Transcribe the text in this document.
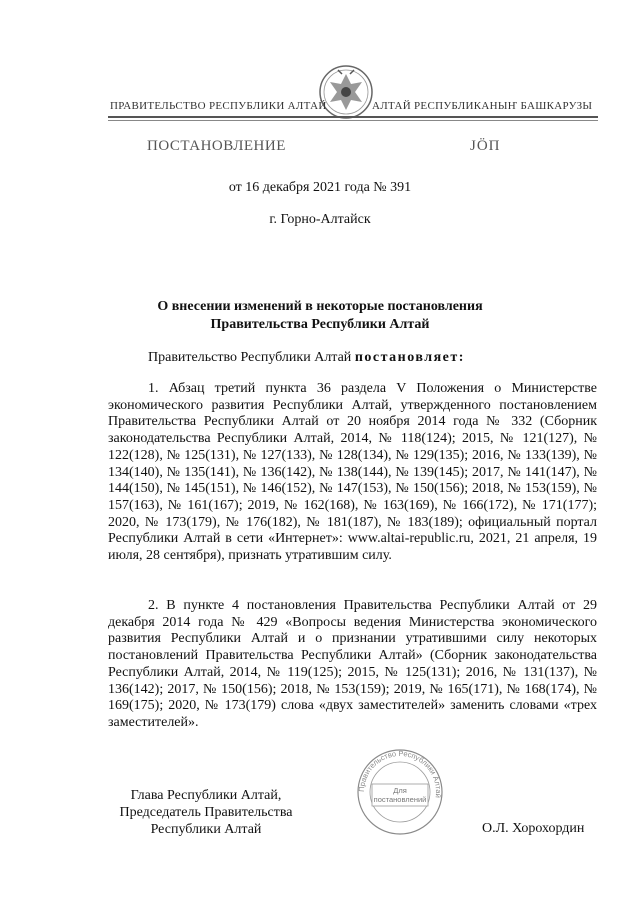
ПРАВИТЕЛЬСТВО РЕСПУБЛИКИ АЛТАЙ	АЛТАЙ РЕСПУБЛИКАНЫҤ БАШКАРУЗЫ
ПОСТАНОВЛЕНИЕ	ЈӦП
от 16 декабря 2021 года № 391
г. Горно-Алтайск
О внесении изменений в некоторые постановления
Правительства Республики Алтай
Правительство Республики Алтай постановляет:

1. Абзац третий пункта 36 раздела V Положения о Министерстве экономического развития Республики Алтай, утвержденного постановлением Правительства Республики Алтай от 20 ноября 2014 года № 332 (Сборник законодательства Республики Алтай, 2014, № 118(124); 2015, № 121(127), № 122(128), № 125(131), № 127(133), № 128(134), № 129(135); 2016, № 133(139), № 134(140), № 135(141), № 136(142), № 138(144), № 139(145); 2017, № 141(147), № 144(150), № 145(151), № 146(152), № 147(153), № 150(156); 2018, № 153(159), № 157(163), № 161(167); 2019, № 162(168), № 163(169), № 166(172), № 171(177); 2020, № 173(179), № 176(182), № 181(187), № 183(189); официальный портал Республики Алтай в сети «Интернет»: www.altai-republic.ru, 2021, 21 апреля, 19 июля, 28 сентября), признать утратившим силу.

2. В пункте 4 постановления Правительства Республики Алтай от 29 декабря 2014 года № 429 «Вопросы ведения Министерства экономического развития Республики Алтай и о признании утратившими силу некоторых постановлений Правительства Республики Алтай» (Сборник законодательства Республики Алтай, 2014, № 119(125); 2015, № 125(131); 2016, № 131(137), № 136(142); 2017, № 150(156); 2018, № 153(159); 2019, № 165(171), № 168(174), № 169(175); 2020, № 173(179) слова «двух заместителей» заменить словами «трех заместителей».

Глава Республики Алтай,
Председатель Правительства
Республики Алтай
Правительство Республики Алтай
Для
постановлений
О.Л. Хорохордин
